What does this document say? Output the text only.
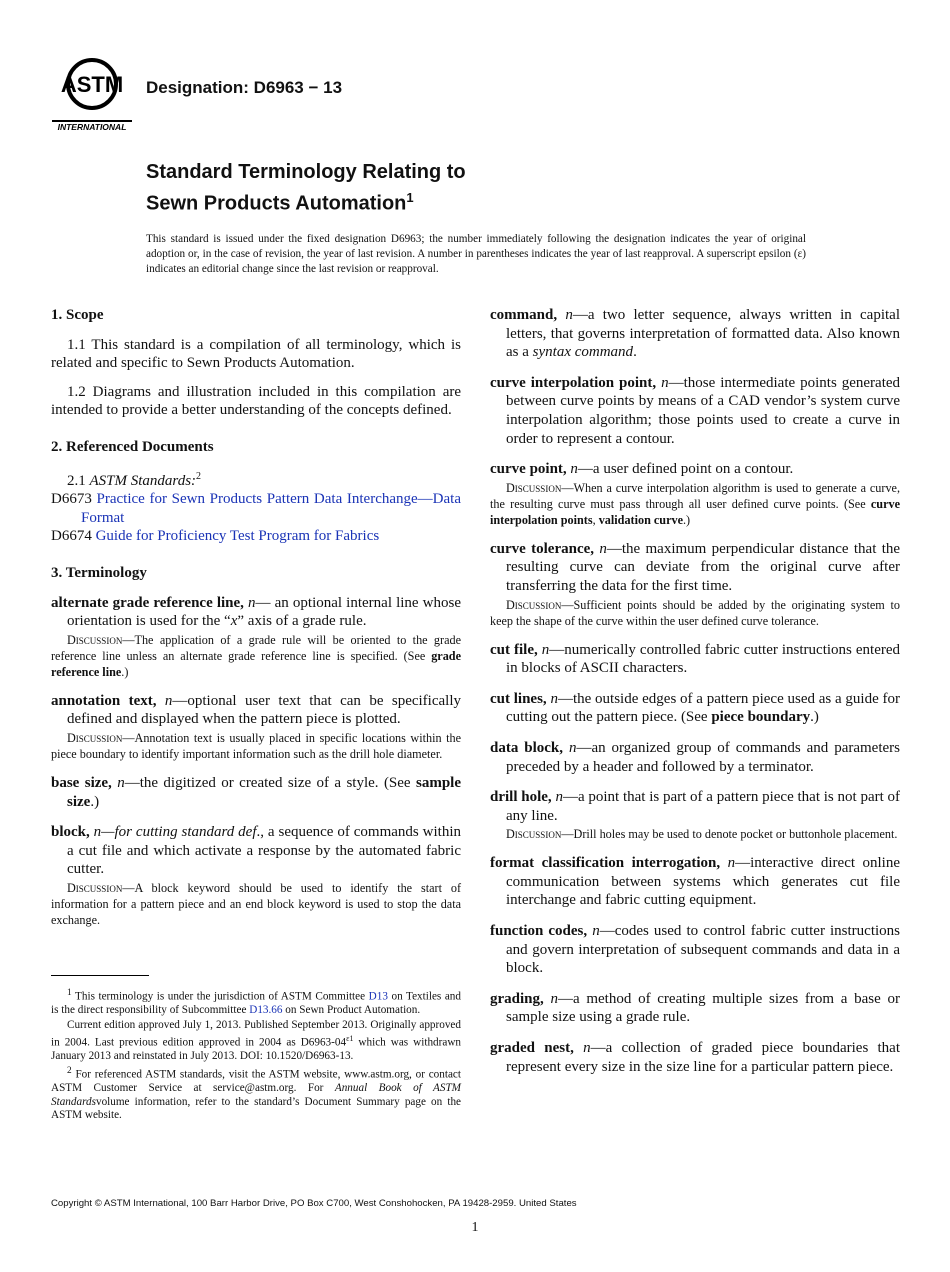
ASTM
INTERNATIONAL
Designation: D6963 − 13
Standard Terminology Relating to
Sewn Products Automation$^1$
This standard is issued under the fixed designation D6963; the number immediately following the designation indicates the year of original adoption or, in the case of revision, the year of last revision. A number in parentheses indicates the year of last reapproval. A superscript epsilon (ε) indicates an editorial change since the last revision or reapproval.
1. Scope
1.1 This standard is a compilation of all terminology, which is related and specific to Sewn Products Automation.
1.2 Diagrams and illustration included in this compilation are intended to provide a better understanding of the concepts defined.
2. Referenced Documents
2.1 ASTM Standards:$^2$
D6673 Practice for Sewn Products Pattern Data Interchange—Data Format
D6674 Guide for Proficiency Test Program for Fabrics
3. Terminology
alternate grade reference line, n— an optional internal line whose orientation is used for the “x” axis of a grade rule.
Discussion—The application of a grade rule will be oriented to the grade reference line unless an alternate grade reference line is specified. (See grade reference line.)
annotation text, n—optional user text that can be specifically defined and displayed when the pattern piece is plotted.
Discussion—Annotation text is usually placed in specific locations within the piece boundary to identify important information such as the drill hole diameter.
base size, n—the digitized or created size of a style. (See sample size.)
block, n—for cutting standard def., a sequence of commands within a cut file and which activate a response by the automated fabric cutter.
Discussion—A block keyword should be used to identify the start of information for a pattern piece and an end block keyword is used to stop the data exchange.

$^1$ This terminology is under the jurisdiction of ASTM Committee D13 on Textiles and is the direct responsibility of Subcommittee D13.66 on Sewn Product Automation.

Current edition approved July 1, 2013. Published September 2013. Originally approved in 2004. Last previous edition approved in 2004 as $D6963-04^{\varepsilon 1}$ which was withdrawn January 2013 and reinstated in July 2013. DOI: 10.1520/D6963-13.

$^2$ For referenced ASTM standards, visit the ASTM website, www.astm.org, or contact ASTM Customer Service at service@astm.org. For Annual Book of ASTM Standardsvolume information, refer to the standard’s Document Summary page on the ASTM website.

command, n—a two letter sequence, always written in capital letters, that governs interpretation of formatted data. Also known as a syntax command.
curve interpolation point, n—those intermediate points generated between curve points by means of a CAD vendor’s system curve interpolation algorithm; those points used to create a curve in order to represent a contour.
curve point, n—a user defined point on a contour.
Discussion—When a curve interpolation algorithm is used to generate a curve, the resulting curve must pass through all user defined curve points. (See curve interpolation points, validation curve.)
curve tolerance, n—the maximum perpendicular distance that the resulting curve can deviate from the original curve after transferring the data for the first time.
Discussion—Sufficient points should be added by the originating system to keep the shape of the curve within the user defined curve tolerance.
cut file, n—numerically controlled fabric cutter instructions entered in blocks of ASCII characters.
cut lines, n—the outside edges of a pattern piece used as a guide for cutting out the pattern piece. (See piece boundary.)
data block, n—an organized group of commands and parameters preceded by a header and followed by a terminator.
drill hole, n—a point that is part of a pattern piece that is not part of any line.
Discussion—Drill holes may be used to denote pocket or buttonhole placement.
format classification interrogation, n—interactive direct online communication between systems which generates cut file interchange and fabric cutting equipment.
function codes, n—codes used to control fabric cutter instructions and govern interpretation of subsequent commands and data in a block.
grading, n—a method of creating multiple sizes from a base or sample size using a grade rule.
graded nest, n—a collection of graded piece boundaries that represent every size in the size line for a particular pattern piece.
Copyright © ASTM International, 100 Barr Harbor Drive, PO Box C700, West Conshohocken, PA 19428-2959. United States
1
